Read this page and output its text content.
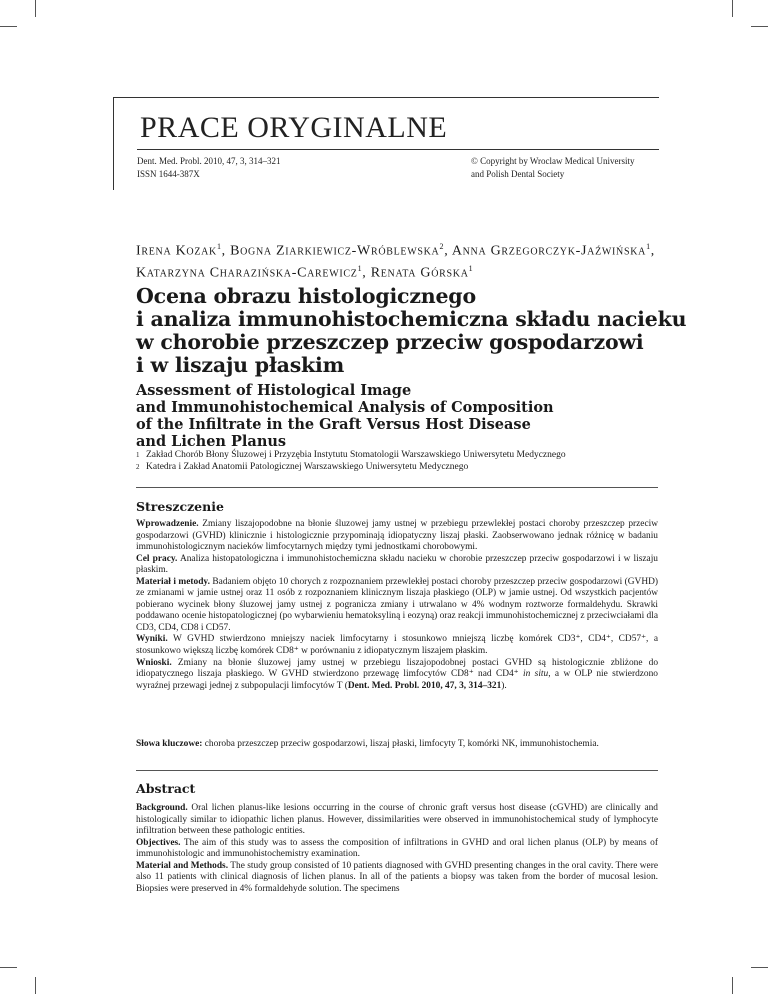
PRACE ORYGINALNE
Dent. Med. Probl. 2010, 47, 3, 314–321
ISSN 1644-387X
© Copyright by Wroclaw Medical University
and Polish Dental Society
Irena Kozak$^1$, Bogna Ziarkiewicz-Wróblewska$^2$, Anna Grzegorczyk-Jaźwińska$^1$,
Katarzyna Charazińska-Carewicz$^1$, Renata Górska$^1$
Ocena obrazu histologicznego
i analiza immunohistochemiczna składu nacieku
w chorobie przeszczep przeciw gospodarzowi
i w liszaju płaskim
Assessment of Histological Image
and Immunohistochemical Analysis of Composition
of the Infiltrate in the Graft Versus Host Disease
and Lichen Planus
1 Zakład Chorób Błony Śluzowej i Przyzębia Instytutu Stomatologii Warszawskiego Uniwersytetu Medycznego
2 Katedra i Zakład Anatomii Patologicznej Warszawskiego Uniwersytetu Medycznego
Streszczenie

Wprowadzenie. Zmiany liszajopodobne na błonie śluzowej jamy ustnej w przebiegu przewlekłej postaci choroby przeszczep przeciw gospodarzowi (GVHD) klinicznie i histologicznie przypominają idiopatyczny liszaj płaski. Zaobserwowano jednak różnicę w badaniu immunohistologicznym nacieków limfocytarnych między tymi jednostkami chorobowymi.

Cel pracy. Analiza histopatologiczna i immunohistochemiczna składu nacieku w chorobie przeszczep przeciw gospodarzowi i w liszaju płaskim.

Materiał i metody. Badaniem objęto 10 chorych z rozpoznaniem przewlekłej postaci choroby przeszczep przeciw gospodarzowi (GVHD) ze zmianami w jamie ustnej oraz 11 osób z rozpoznaniem klinicznym liszaja płaskiego (OLP) w jamie ustnej. Od wszystkich pacjentów pobierano wycinek błony śluzowej jamy ustnej z pogranicza zmiany i utrwalano w 4% wodnym roztworze formaldehydu. Skrawki poddawano ocenie histopatologicznej (po wybarwieniu hematoksyliną i eozyną) oraz reakcji immunohistochemicznej z przeciwciałami dla CD3, CD4, CD8 i CD57.

Wyniki. W GVHD stwierdzono mniejszy naciek limfocytarny i stosunkowo mniejszą liczbę komórek CD3⁺, CD4⁺, CD57⁺, a stosunkowo większą liczbę komórek CD8⁺ w porównaniu z idiopatycznym liszajem płaskim.

Wnioski. Zmiany na błonie śluzowej jamy ustnej w przebiegu liszajopodobnej postaci GVHD są histologicznie zbliżone do idiopatycznego liszaja płaskiego. W GVHD stwierdzono przewagę limfocytów CD8⁺ nad CD4⁺ in situ, a w OLP nie stwierdzono wyraźnej przewagi jednej z subpopulacji limfocytów T (Dent. Med. Probl. 2010, 47, 3, 314–321).

Słowa kluczowe: choroba przeszczep przeciw gospodarzowi, liszaj płaski, limfocyty T, komórki NK, immunohistochemia.
Abstract

Background. Oral lichen planus-like lesions occurring in the course of chronic graft versus host disease (cGVHD) are clinically and histologically similar to idiopathic lichen planus. However, dissimilarities were observed in immunohistochemical study of lymphocyte infiltration between these pathologic entities.

Objectives. The aim of this study was to assess the composition of infiltrations in GVHD and oral lichen planus (OLP) by means of immunohistologic and immunohistochemistry examination.

Material and Methods. The study group consisted of 10 patients diagnosed with GVHD presenting changes in the oral cavity. There were also 11 patients with clinical diagnosis of lichen planus. In all of the patients a biopsy was taken from the border of mucosal lesion. Biopsies were preserved in 4% formaldehyde solution. The specimens
